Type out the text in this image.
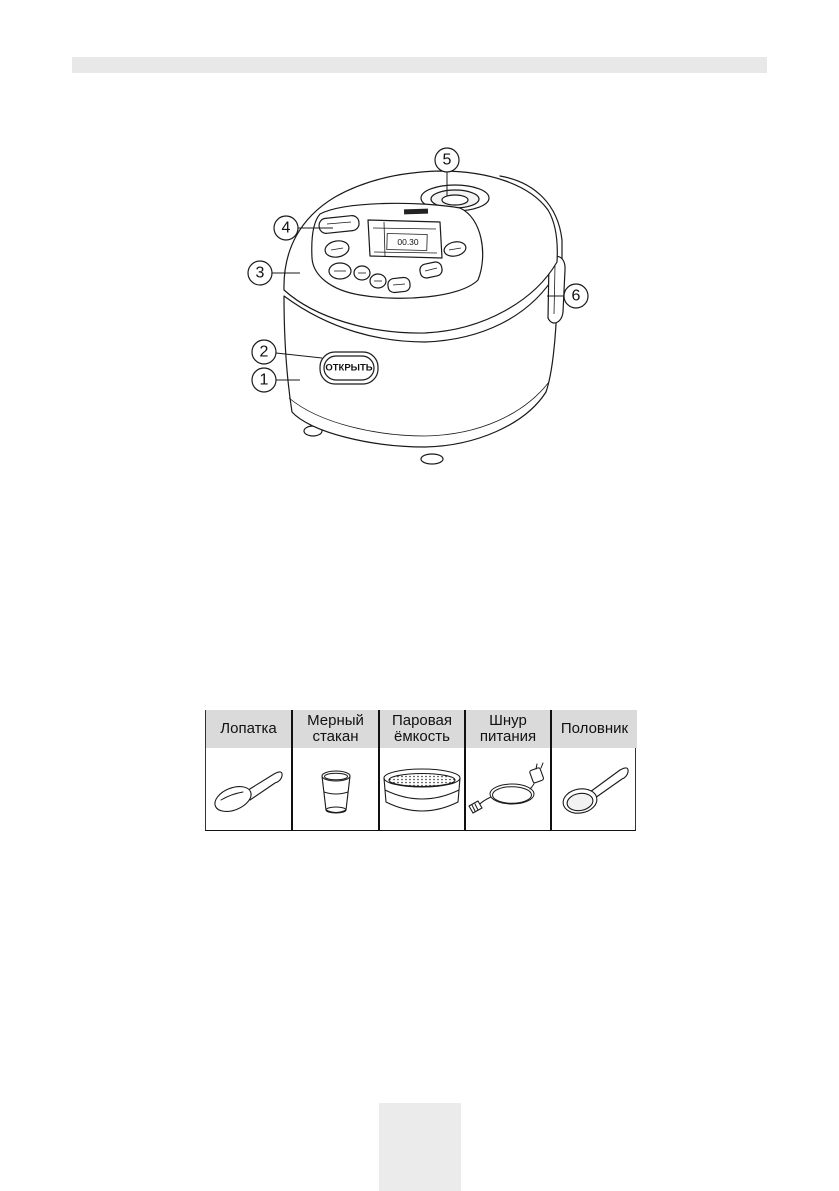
00.30
ОТКРЫТЬ
5
4
3
6
2
1
Лопатка Мерный
стакан
Паровая
ёмкость
Шнур
питания Половник
